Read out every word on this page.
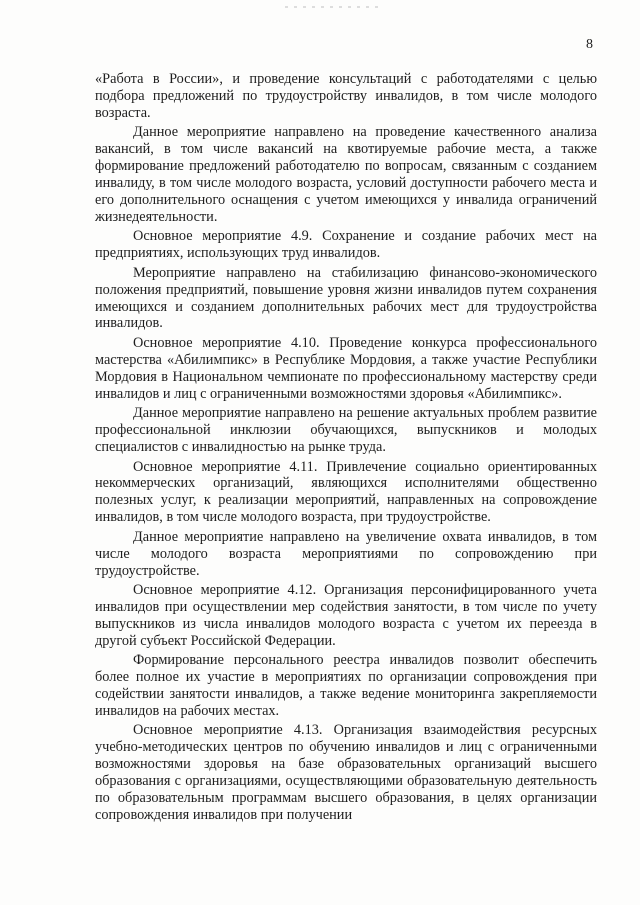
8

«Работа в России», и проведение консультаций с работодателями с целью подбора предложений по трудоустройству инвалидов, в том числе молодого возраста.

Данное мероприятие направлено на проведение качественного анализа вакансий, в том числе вакансий на квотируемые рабочие места, а также формирование предложений работодателю по вопросам, связанным с созданием инвалиду, в том числе молодого возраста, условий доступности рабочего места и его дополнительного оснащения с учетом имеющихся у инвалида ограничений жизнедеятельности.

Основное мероприятие 4.9. Сохранение и создание рабочих мест на предприятиях, использующих труд инвалидов.

Мероприятие направлено на стабилизацию финансово-экономического положения предприятий, повышение уровня жизни инвалидов путем сохранения имеющихся и созданием дополнительных рабочих мест для трудоустройства инвалидов.

Основное мероприятие 4.10. Проведение конкурса профессионального мастерства «Абилимпикс» в Республике Мордовия, а также участие Республики Мордовия в Национальном чемпионате по профессиональному мастерству среди инвалидов и лиц с ограниченными возможностями здоровья «Абилимпикс».

Данное мероприятие направлено на решение актуальных проблем развитие профессиональной инклюзии обучающихся, выпускников и молодых специалистов с инвалидностью на рынке труда.

Основное мероприятие 4.11. Привлечение социально ориентированных некоммерческих организаций, являющихся исполнителями общественно полезных услуг, к реализации мероприятий, направленных на сопровождение инвалидов, в том числе молодого возраста, при трудоустройстве.

Данное мероприятие направлено на увеличение охвата инвалидов, в том числе молодого возраста мероприятиями по сопровождению при трудоустройстве.

Основное мероприятие 4.12. Организация персонифицированного учета инвалидов при осуществлении мер содействия занятости, в том числе по учету выпускников из числа инвалидов молодого возраста с учетом их переезда в другой субъект Российской Федерации.

Формирование персонального реестра инвалидов позволит обеспечить более полное их участие в мероприятиях по организации сопровождения при содействии занятости инвалидов, а также ведение мониторинга закрепляемости инвалидов на рабочих местах.

Основное мероприятие 4.13. Организация взаимодействия ресурсных учебно-методических центров по обучению инвалидов и лиц с ограниченными возможностями здоровья на базе образовательных организаций высшего образования с организациями, осуществляющими образовательную деятельность по образовательным программам высшего образования, в целях организации сопровождения инвалидов при получении
